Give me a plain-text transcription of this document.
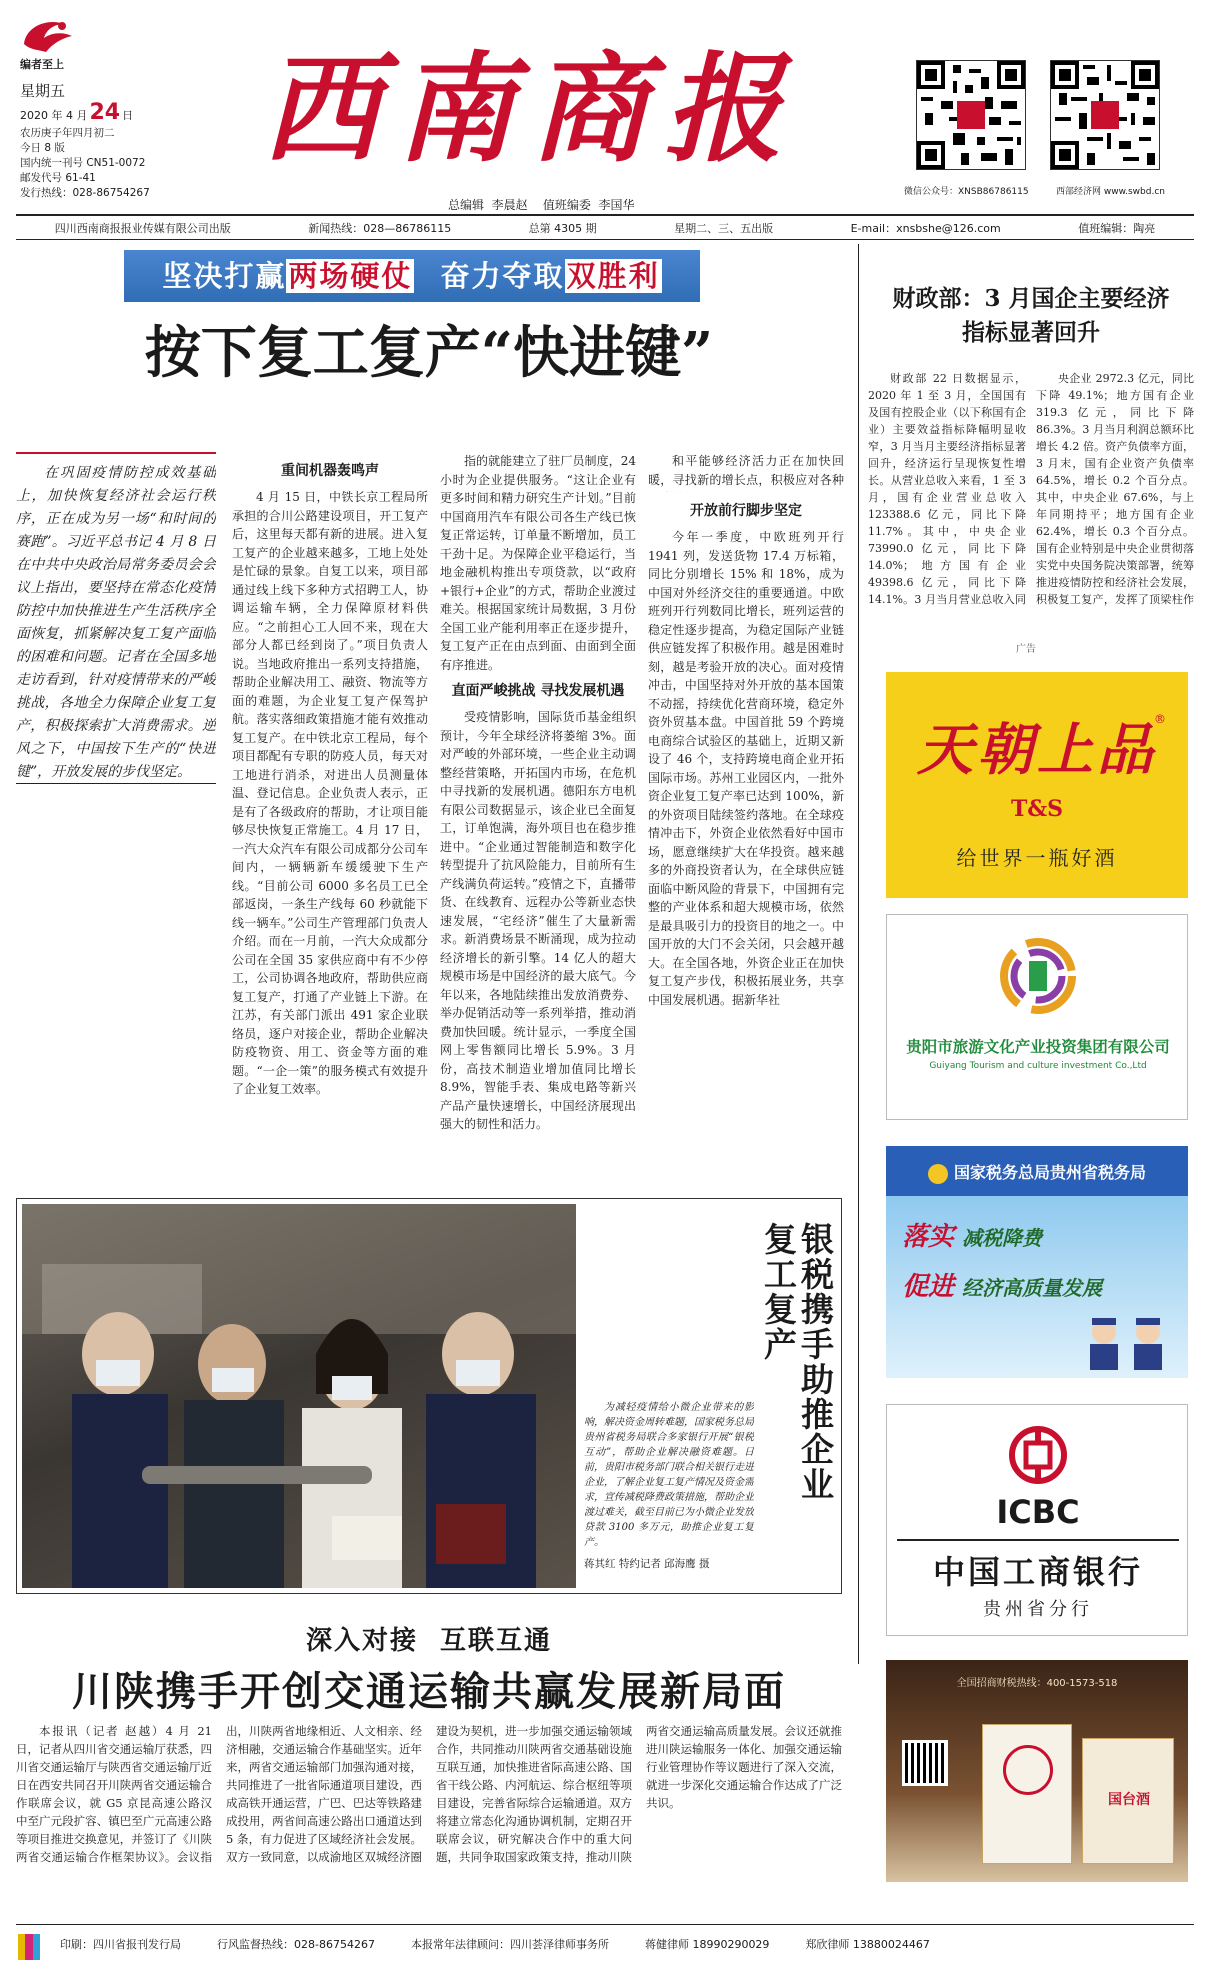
编者至上
星期五
2020 年 4 月24 日
农历庚子年四月初二
今日 8 版
国内统一刊号 CN51-0072
邮发代号 61-41
发行热线：028-86754267
西南商报
总编辑  李晨赵    值班编委  李国华
微信公众号：XNSB86786115	西部经济网 www.swbd.cn
四川西南商报报业传媒有限公司出版	新闻热线：028—86786115	总第 4305 期	星期二、三、五出版	E-mail：xnsbshe@126.com	值班编辑：陶亮
坚决打赢两场硬仗 奋力夺取双胜利
按下复工复产“快进键”

在巩固疫情防控成效基础上，加快恢复经济社会运行秩序，正在成为另一场“和时间的赛跑”。习近平总书记 4 月 8 日在中共中央政治局常务委员会会议上指出，要坚持在常态化疫情防控中加快推进生产生活秩序全面恢复，抓紧解决复工复产面临的困难和问题。记者在全国多地走访看到，针对疫情带来的严峻挑战，各地全力保障企业复工复产，积极探索扩大消费需求。逆风之下，中国按下生产的“快进键”，开放发展的步伐坚定。

重间机器轰鸣声

4 月 15 日，中铁长京工程局所承担的合川公路建设项目，开工复产后，这里每天都有新的进展。进入复工复产的企业越来越多，工地上处处是忙碌的景象。自复工以来，项目部通过线上线下多种方式招聘工人，协调运输车辆，全力保障原材料供应。“之前担心工人回不来，现在大部分人都已经到岗了。”项目负责人说。当地政府推出一系列支持措施，帮助企业解决用工、融资、物流等方面的难题，为企业复工复产保驾护航。落实落细政策措施才能有效推动复工复产。在中铁北京工程局，每个项目都配有专职的防疫人员，每天对工地进行消杀，对进出人员测量体温、登记信息。企业负责人表示，正是有了各级政府的帮助，才让项目能够尽快恢复正常施工。4 月 17 日，一汽大众汽车有限公司成都分公司车间内，一辆辆新车缓缓驶下生产线。“目前公司 6000 多名员工已全部返岗，一条生产线每 60 秒就能下线一辆车。”公司生产管理部门负责人介绍。而在一月前，一汽大众成都分公司在全国 35 家供应商中有不少停工，公司协调各地政府，帮助供应商复工复产，打通了产业链上下游。在江苏，有关部门派出 491 家企业联络员，逐户对接企业，帮助企业解决防疫物资、用工、资金等方面的难题。“一企一策”的服务模式有效提升了企业复工效率。

指的就能建立了驻厂员制度，24 小时为企业提供服务。“这让企业有更多时间和精力研究生产计划。”目前中国商用汽车有限公司各生产线已恢复正常运转，订单量不断增加，员工干劲十足。为保障企业平稳运行，当地金融机构推出专项贷款，以“政府+银行+企业”的方式，帮助企业渡过难关。根据国家统计局数据，3 月份全国工业产能利用率正在逐步提升，复工复产正在由点到面、由面到全面有序推进。

直面严峻挑战 寻找发展机遇

受疫情影响，国际货币基金组织预计，今年全球经济将萎缩 3%。面对严峻的外部环境，一些企业主动调整经营策略，开拓国内市场，在危机中寻找新的发展机遇。德阳东方电机有限公司数据显示，该企业已全面复工，订单饱满，海外项目也在稳步推进中。“企业通过智能制造和数字化转型提升了抗风险能力，目前所有生产线满负荷运转。”疫情之下，直播带货、在线教育、远程办公等新业态快速发展，“宅经济”催生了大量新需求。新消费场景不断涌现，成为拉动经济增长的新引擎。14 亿人的超大规模市场是中国经济的最大底气。今年以来，各地陆续推出发放消费券、举办促销活动等一系列举措，推动消费加快回暖。统计显示，一季度全国网上零售额同比增长 5.9%。3 月份，高技术制造业增加值同比增长 8.9%，智能手表、集成电路等新兴产品产量快速增长，中国经济展现出强大的韧性和活力。

和平能够经济活力正在加快回暖，寻找新的增长点，积极应对各种

开放前行脚步坚定

今年一季度，中欧班列开行 1941 列，发送货物 17.4 万标箱，同比分别增长 15% 和 18%，成为中国对外经济交往的重要通道。中欧班列开行列数同比增长，班列运营的稳定性逐步提高，为稳定国际产业链供应链发挥了积极作用。越是困难时刻，越是考验开放的决心。面对疫情冲击，中国坚持对外开放的基本国策不动摇，持续优化营商环境，稳定外资外贸基本盘。中国首批 59 个跨境电商综合试验区的基础上，近期又新设了 46 个，支持跨境电商企业开拓国际市场。苏州工业园区内，一批外资企业复工复产率已达到 100%，新的外资项目陆续签约落地。在全球疫情冲击下，外资企业依然看好中国市场，愿意继续扩大在华投资。越来越多的外商投资者认为，在全球供应链面临中断风险的背景下，中国拥有完整的产业体系和超大规模市场，依然是最具吸引力的投资目的地之一。中国开放的大门不会关闭，只会越开越大。在全国各地，外资企业正在加快复工复产步伐，积极拓展业务，共享中国发展机遇。据新华社

财政部：3 月国企主要经济
指标显著回升

财政部 22 日数据显示，2020 年 1 至 3 月，全国国有及国有控股企业（以下称国有企业）主要效益指标降幅明显收窄，3 月当月主要经济指标显著回升，经济运行呈现恢复性增长。从营业总收入来看，1 至 3 月，国有企业营业总收入 123388.6 亿元，同比下降 11.7%。其中，中央企业 73990.0 亿元，同比下降 14.0%；地方国有企业 49398.6 亿元，同比下降 14.1%。3 月当月营业总收入同

央企业 2972.3 亿元，同比下降 49.1%；地方国有企业 319.3 亿元，同比下降 86.3%。3 月当月利润总额环比增长 4.2 倍。资产负债率方面，3 月末，国有企业资产负债率 64.5%，增长 0.2 个百分点。其中，中央企业 67.6%，与上年同期持平；地方国有企业 62.4%，增长 0.3 个百分点。国有企业特别是中央企业贯彻落实党中央国务院决策部署，统筹推进疫情防控和经济社会发展，积极复工复产，发挥了顶梁柱作

广告
天朝上品
®
T&S
给世界一瓶好酒
贵阳市旅游文化产业投资集团有限公司
Guiyang Tourism and culture investment Co.,Ltd
国家税务总局贵州省税务局
落实 减税降费
促进 经济高质量发展
ICBC
中国工商银行
贵州省分行
全国招商财税热线：400-1573-518
国台酒
银税携手助推企业复工复产

为减轻疫情给小微企业带来的影响，解决资金周转难题，国家税务总局贵州省税务局联合多家银行开展“银税互动”，帮助企业解决融资难题。日前，贵阳市税务部门联合相关银行走进企业，了解企业复工复产情况及资金需求，宣传减税降费政策措施，帮助企业渡过难关，截至目前已为小微企业发放贷款 3100 多万元，助推企业复工复产。

蒋其红 特约记者 邱海鹰 摄
深入对接  互联互通
川陕携手开创交通运输共赢发展新局面

本报讯（记者 赵越）4 月 21 日，记者从四川省交通运输厅获悉，四川省交通运输厅与陕西省交通运输厅近日在西安共同召开川陕两省交通运输合作联席会议，就 G5 京昆高速公路汉中至广元段扩容、镇巴至广元高速公路等项目推进交换意见，并签订了《川陕两省交通运输合作框架协议》。会议指出，川陕两省地缘相近、人文相亲、经济相融，交通运输合作基础坚实。近年来，两省交通运输部门加强沟通对接，共同推进了一批省际通道项目建设，西成高铁开通运营，广巴、巴达等铁路建成投用，两省间高速公路出口通道达到 5 条，有力促进了区域经济社会发展。双方一致同意，以成渝地区双城经济圈建设为契机，进一步加强交通运输领域合作，共同推动川陕两省交通基础设施互联互通，加快推进省际高速公路、国省干线公路、内河航运、综合枢纽等项目建设，完善省际综合运输通道。双方将建立常态化沟通协调机制，定期召开联席会议，研究解决合作中的重大问题，共同争取国家政策支持，推动川陕两省交通运输高质量发展。会议还就推进川陕运输服务一体化、加强交通运输行业管理协作等议题进行了深入交流，就进一步深化交通运输合作达成了广泛共识。

印刷：四川省报刊发行局	行风监督热线：028-86754267	本报常年法律顾问：四川荟泽律师事务所	蒋健律师 18990290029	郑欣律师 13880024467
